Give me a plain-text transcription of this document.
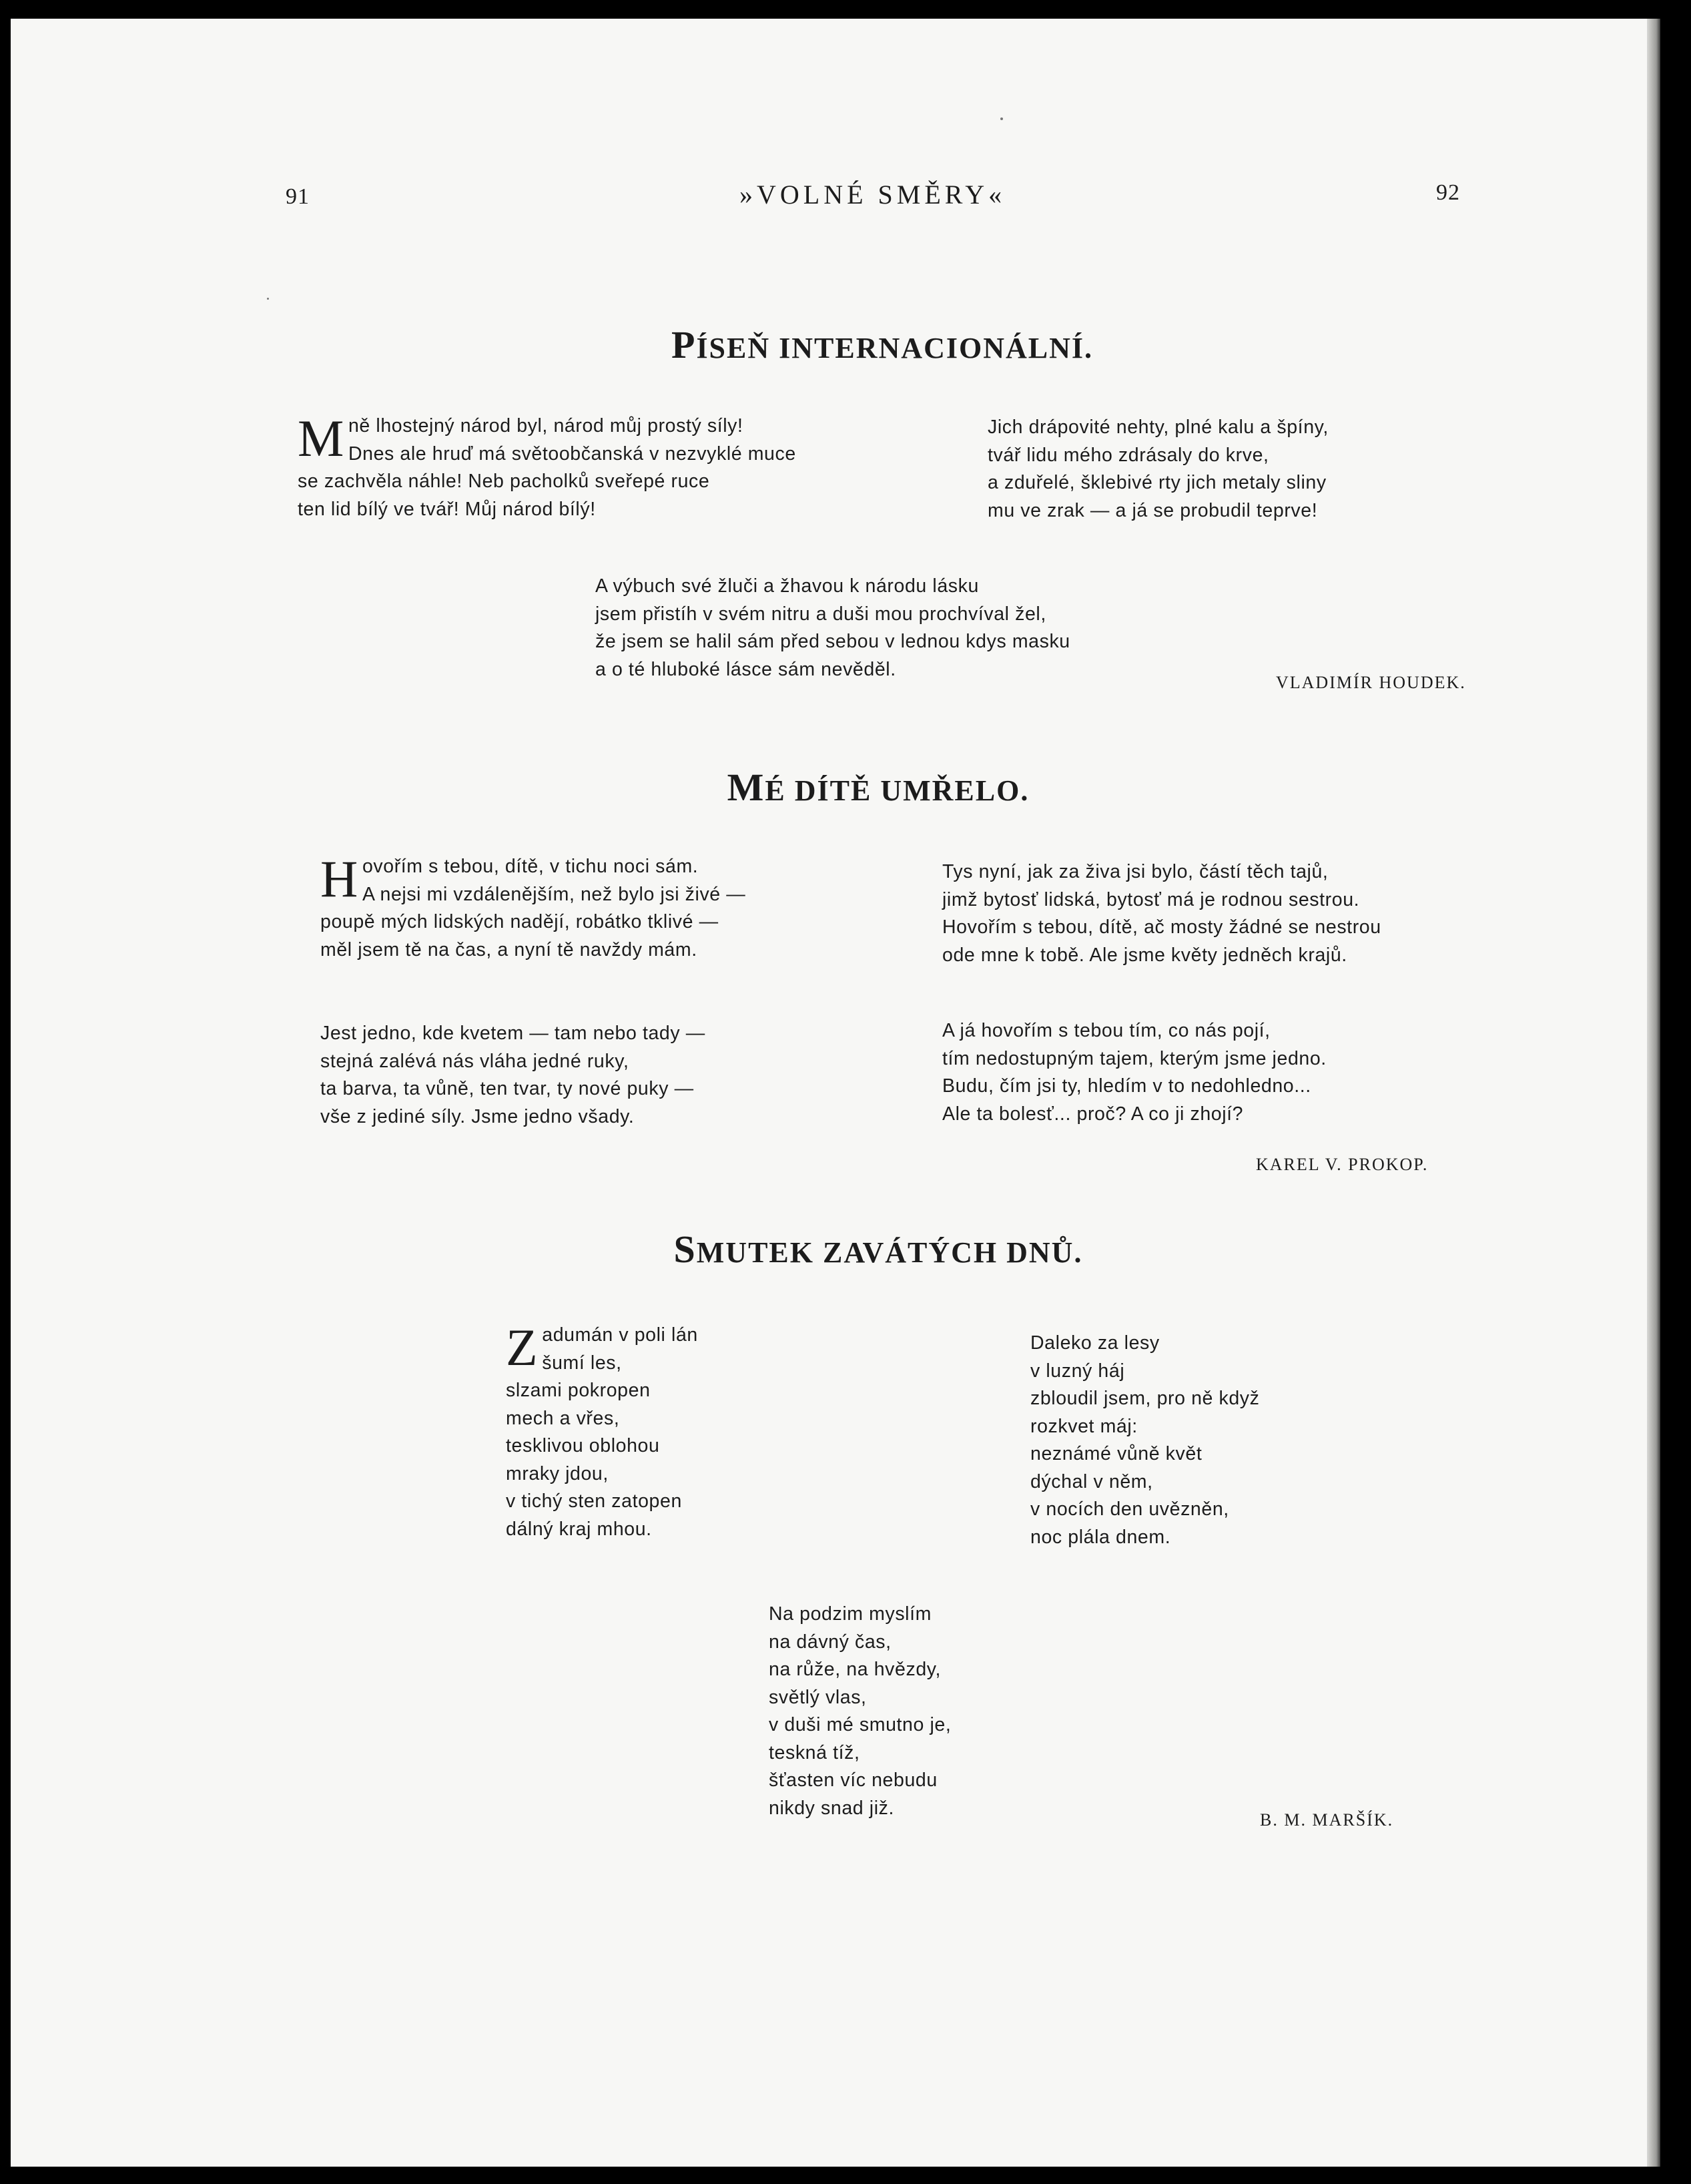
91	»VOLNÉ SMĚRY«	92
PÍSEŇ INTERNACIONÁLNÍ.
M ně lhostejný národ byl, národ můj prostý síly!
Dnes ale hruď má světoobčanská v nezvyklé muce
se zachvěla náhle! Neb pacholků sveřepé ruce
ten lid bílý ve tvář! Můj národ bílý!
Jich drápovité nehty, plné kalu a špíny,
tvář lidu mého zdrásaly do krve,
a zduřelé, šklebivé rty jich metaly sliny
mu ve zrak — a já se probudil teprve!
A výbuch své žluči a žhavou k národu lásku
jsem přistíh v svém nitru a duši mou prochvíval žel,
že jsem se halil sám před sebou v lednou kdys masku
a o té hluboké lásce sám nevěděl.
VLADIMÍR HOUDEK.
MÉ DÍTĚ UMŘELO.
H ovořím s tebou, dítě, v tichu noci sám.
A nejsi mi vzdálenějším, než bylo jsi živé —
poupě mých lidských nadějí, robátko tklivé —
měl jsem tě na čas, a nyní tě navždy mám.
Tys nyní, jak za živa jsi bylo, částí těch tajů,
jimž bytosť lidská, bytosť má je rodnou sestrou.
Hovořím s tebou, dítě, ač mosty žádné se nestrou
ode mne k tobě. Ale jsme květy jedněch krajů.
Jest jedno, kde kvetem — tam nebo tady —
stejná zalévá nás vláha jedné ruky,
ta barva, ta vůně, ten tvar, ty nové puky —
vše z jediné síly. Jsme jedno všady.
A já hovořím s tebou tím, co nás pojí,
tím nedostupným tajem, kterým jsme jedno.
Budu, čím jsi ty, hledím v to nedohledno...
Ale ta bolesť... proč? A co ji zhojí?
KAREL V. PROKOP.
SMUTEK ZAVÁTÝCH DNŮ.
Z adumán v poli lán
šumí les,
slzami pokropen
mech a vřes,
tesklivou oblohou
mraky jdou,
v tichý sten zatopen
dálný kraj mhou.
Daleko za lesy
v luzný háj
zbloudil jsem, pro ně když
rozkvet máj:
neznámé vůně květ
dýchal v něm,
v nocích den uvězněn,
noc plála dnem.
Na podzim myslím
na dávný čas,
na růže, na hvězdy,
světlý vlas,
v duši mé smutno je,
teskná tíž,
šťasten víc nebudu
nikdy snad již.
B. M. MARŠÍK.
